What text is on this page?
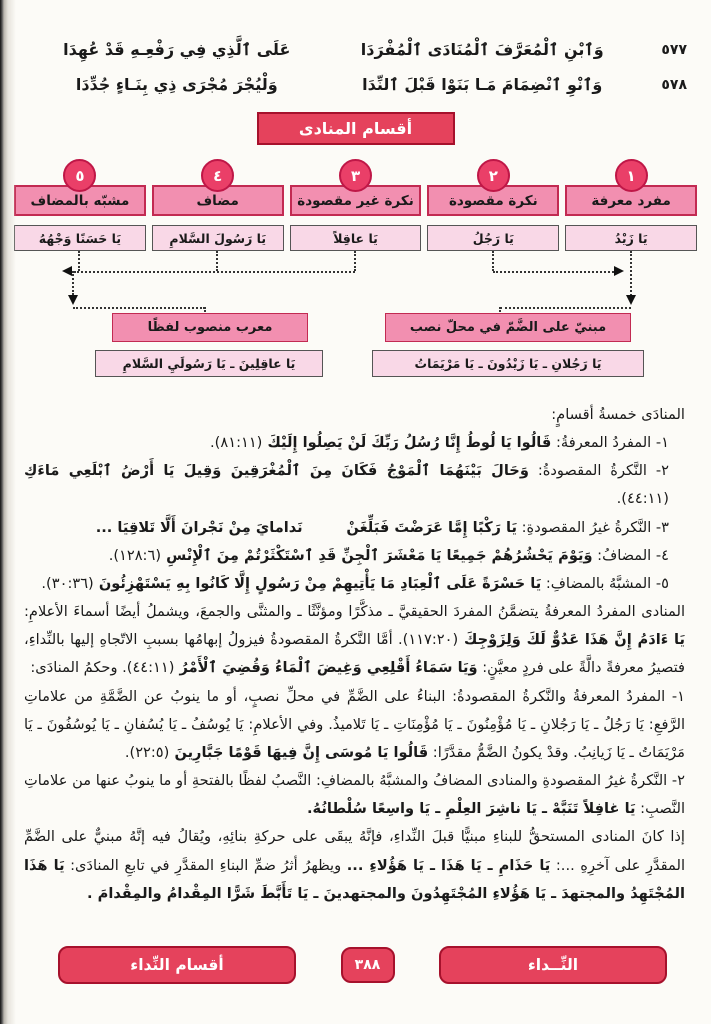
٥٧٧
وَٱبْنِ ٱلْمُعَرَّفَ ٱلْمُنَادَى ٱلْمُفْرَدَا
عَلَى ٱلَّذِي فِي رَفْعِـهِ قَدْ عُهِدَا
٥٧٨
وَٱنْوِ ٱنْضِمَامَ مَـا بَنَوْا قَبْلَ ٱلنِّدَا
وَلْيُجْرَ مُجْرَى ذِي بِنَـاءٍ جُدِّدَا
أقسام المنادى
١
مفرد معرفة
يَا زَيْدُ
٢
نكرة مقصودة
يَا رَجُلُ
٣
نكرة غير مقصودة
يَا عاقِلاً
٤
مضاف
يَا رَسُولَ السَّلامِ
٥
مشبّه بالمضاف
يَا حَسَنًا وَجْهُهُ
مبنيّ على الضَّمّ في محلّ نصب
يَا رَجُلانِ ـ يَا زَيْدُونَ ـ يَا مَرْيَمَاتُ
معرب منصوب لفظًا
يَا عاقِلِينَ ـ يَا رَسُولَيِ السَّلامِ

المنادَى خمسةُ أقسامٍ:

١- المفردُ المعرفةُ: قَالُوا يَا لُوطُ إِنَّا رُسُلُ رَبِّكَ لَنْ يَصِلُوا إِلَيْكَ (٨١:١١).

٢- النَّكرةُ المقصودةُ: وَحَالَ بَيْنَهُمَا ٱلْمَوْجُ فَكَانَ مِنَ ٱلْمُغْرَقِينَ وَقِيلَ يَا أَرْضُ ٱبْلَعِي مَاءَكِ (٤٤:١١).

٣- النَّكرةُ غيرُ المقصودةِ: يَا رَكْبًا إِمَّا عَرَضْتَ فَبَلِّغَنْ   نَدامايَ مِنْ نَجْرانَ أَلَّا تَلاقِيَا ...

٤- المضافُ: وَيَوْمَ يَحْشُرُهُمْ جَمِيعًا يَا مَعْشَرَ ٱلْجِنِّ قَدِ ٱسْتَكْثَرْتُمْ مِنَ ٱلْإِنْسِ (١٢٨:٦).

٥- المشبَّهُ بالمضافِ: يَا حَسْرَةً عَلَى ٱلْعِبَادِ مَا يَأْتِيهِمْ مِنْ رَسُولٍ إِلَّا كَانُوا بِهِ يَسْتَهْزِئُونَ (٣٠:٣٦).

المنادى المفردُ المعرفةُ يتضمَّنُ المفردَ الحقيقيَّ ـ مذكَّرًا ومؤنَّثًا ـ والمثنَّى والجمعَ، ويشملُ أيضًا أسماءَ الأعلامِ: يَا ءَادَمُ إِنَّ هَذَا عَدُوٌّ لَكَ وَلِزَوْجِكَ (١١٧:٢٠). أمَّا النَّكرةُ المقصودةُ فيزولُ إبهامُها بسببِ الاتّجاهِ إليها بالنِّداءِ، فتصيرُ معرفةً دالَّةً على فردٍ معيَّنٍ: وَيَا سَمَاءُ أَقْلِعِي وَغِيضَ ٱلْمَاءُ وَقُضِيَ ٱلْأَمْرُ (٤٤:١١). وحكمُ المنادَى:

١- المفردُ المعرفةُ والنَّكرةُ المقصودةُ: البناءُ على الضَّمِّ في محلِّ نصبٍ، أو ما ينوبُ عن الضَّمَّةِ من علاماتِ الرَّفعِ: يَا رَجُلُ ـ يَا رَجُلانِ ـ يَا مُؤْمِنُونَ ـ يَا مُؤْمِنَاتِ ـ يَا تَلاميذُ. وفي الأعلامِ: يَا يُوسُفُ ـ يَا يُسُفانِ ـ يَا يُوسُفُونَ ـ يَا مَرْيَمَاتُ ـ يَا زَيانِبُ. وقدْ يكونُ الضَّمُّ مقدَّرًا: قَالُوا يَا مُوسَى إِنَّ فِيهَا قَوْمًا جَبَّارِينَ (٢٢:٥).

٢- النَّكرةُ غيرُ المقصودةِ والمنادى المضافُ والمشبَّهُ بالمضافِ: النَّصبُ لفظًا بالفتحةِ أو ما ينوبُ عنها من علاماتِ النَّصبِ: يَا غافِلاً تَنَبَّهْ ـ يَا ناشِرَ العِلْمِ ـ يَا واسِعًا سُلْطانُهُ.

إذا كانَ المنادى المستحقُّ للبناءِ مبنيًّا قبلَ النِّداءِ، فإنَّهُ يبقَى على حركةِ بنائِهِ، ويُقالُ فيه إنَّهُ مبنيٌّ على الضَّمِّ المقدَّرِ على آخرِهِ ...: يَا حَذَامِ ـ يَا هَذَا ـ يَا هَؤُلاءِ ... ويظهرُ أثرُ ضمِّ البناءِ المقدَّرِ في تابعِ المنادَى: يَا هَذَا المُجْتَهِدُ والمجتهدَ ـ يَا هَؤُلاءِ المُجْتَهِدُونَ والمجتهدينَ ـ يَا تَأَبَّطَ شَرًّا المِقْدامُ والمِقْدامَ .

النِّــداء
٣٨٨
أقسام النِّداء
